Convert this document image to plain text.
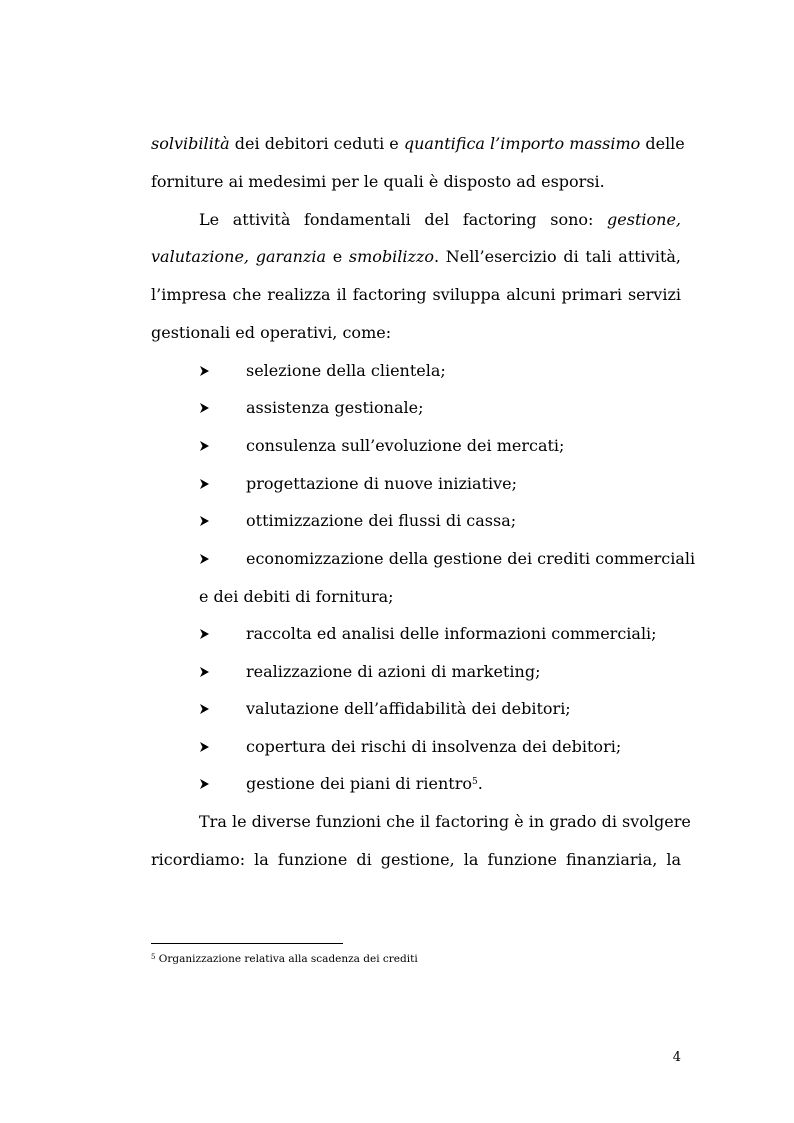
solvibilità dei debitori ceduti e quantifica l’importo massimo delle
forniture ai medesimi per le quali è disposto ad esporsi.
Le attività fondamentali del factoring sono: gestione,
valutazione, garanzia e smobilizzo. Nell’esercizio di tali attività,
l’impresa che realizza il factoring sviluppa alcuni primari servizi
gestionali ed operativi, come:
selezione della clientela;
assistenza gestionale;
consulenza sull’evoluzione dei mercati;
progettazione di nuove iniziative;
ottimizzazione dei flussi di cassa;
economizzazione della gestione dei crediti commerciali
e dei debiti di fornitura;
raccolta ed analisi delle informazioni commerciali;
realizzazione di azioni di marketing;
valutazione dell’affidabilità dei debitori;
copertura dei rischi di insolvenza dei debitori;
gestione dei piani di rientro$^5$.
Tra le diverse funzioni che il factoring è in grado di svolgere
ricordiamo: la funzione di gestione, la funzione finanziaria, la
$^5$ Organizzazione relativa alla scadenza dei crediti
4
